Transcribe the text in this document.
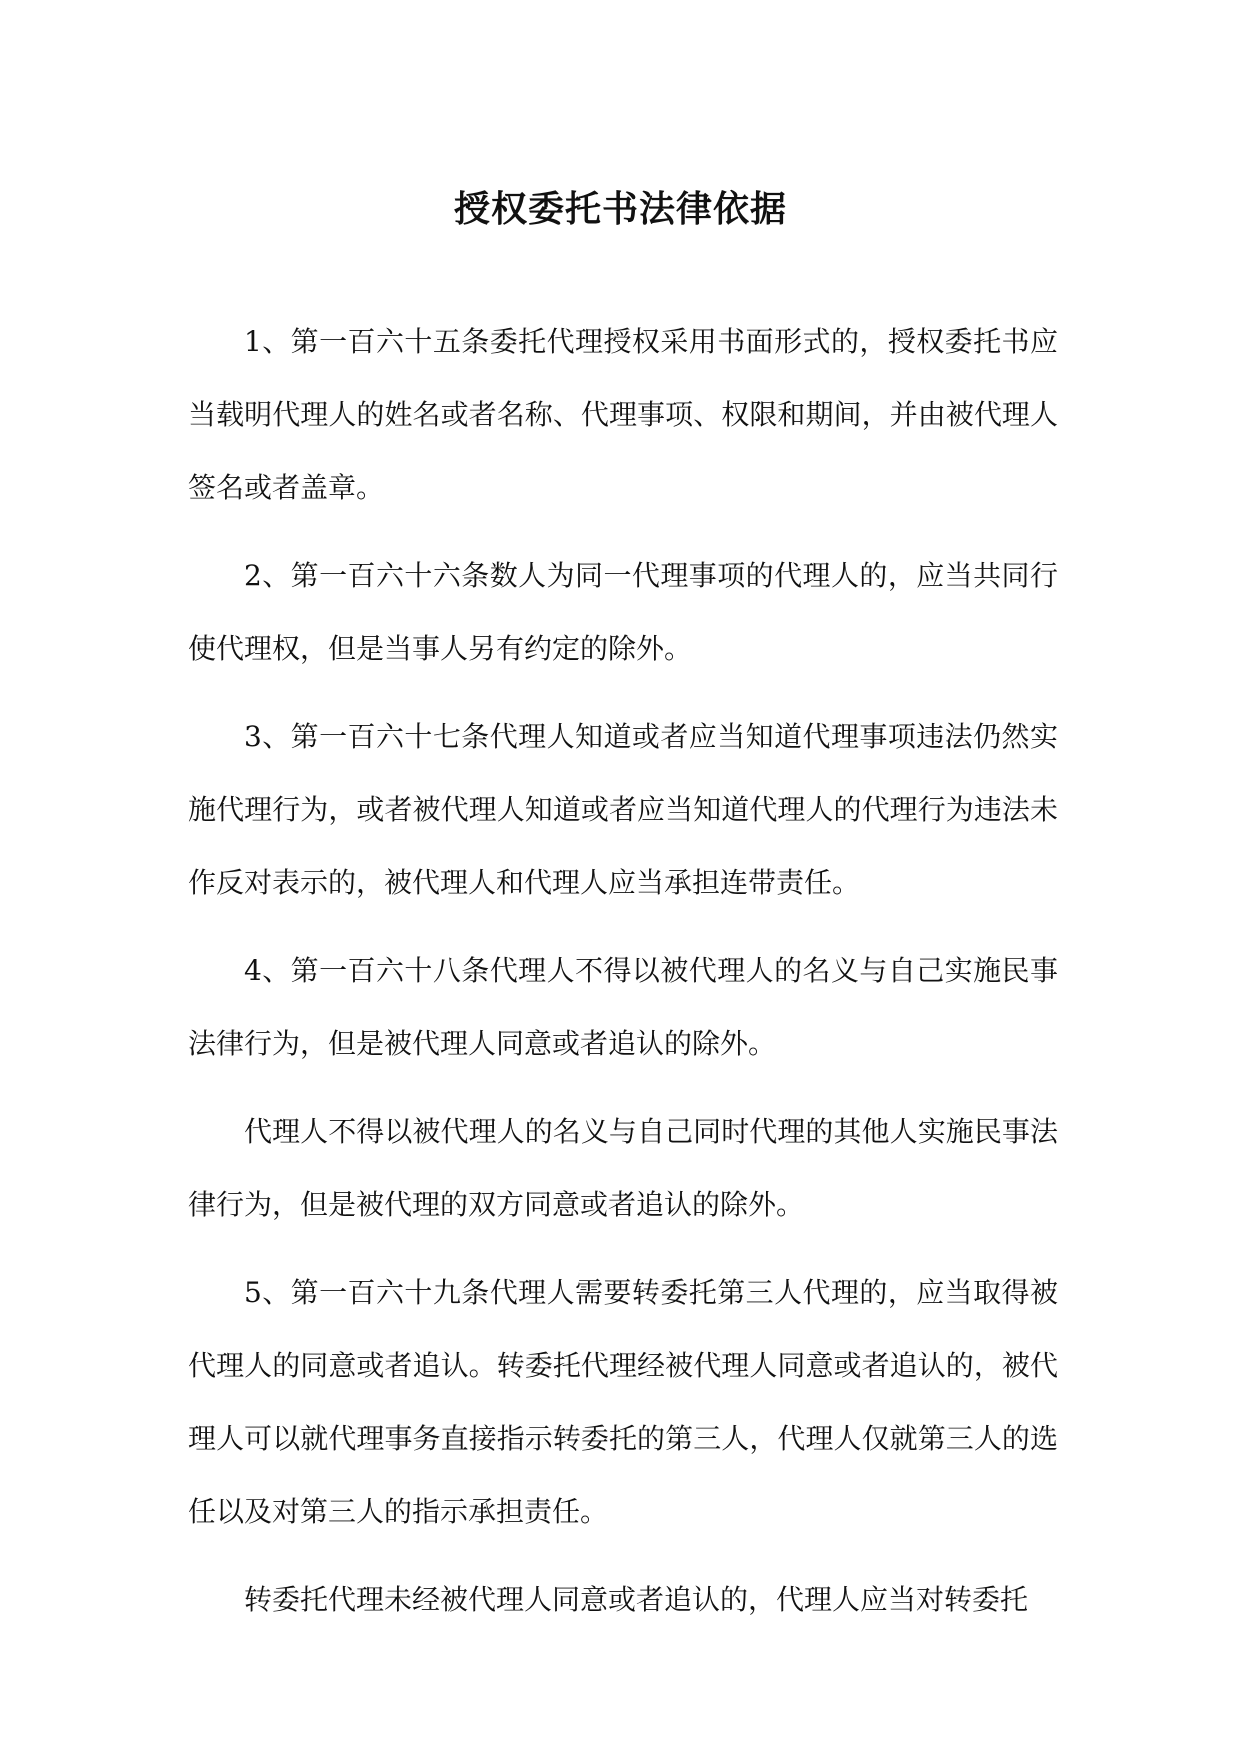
授权委托书法律依据

1、第一百六十五条委托代理授权采用书面形式的，授权委托书应当载明代理人的姓名或者名称、代理事项、权限和期间，并由被代理人签名或者盖章。

2、第一百六十六条数人为同一代理事项的代理人的，应当共同行使代理权，但是当事人另有约定的除外。

3、第一百六十七条代理人知道或者应当知道代理事项违法仍然实施代理行为，或者被代理人知道或者应当知道代理人的代理行为违法未作反对表示的，被代理人和代理人应当承担连带责任。

4、第一百六十八条代理人不得以被代理人的名义与自己实施民事法律行为，但是被代理人同意或者追认的除外。

代理人不得以被代理人的名义与自己同时代理的其他人实施民事法律行为，但是被代理的双方同意或者追认的除外。

5、第一百六十九条代理人需要转委托第三人代理的，应当取得被代理人的同意或者追认。转委托代理经被代理人同意或者追认的，被代理人可以就代理事务直接指示转委托的第三人，代理人仅就第三人的选任以及对第三人的指示承担责任。

转委托代理未经被代理人同意或者追认的，代理人应当对转委托
